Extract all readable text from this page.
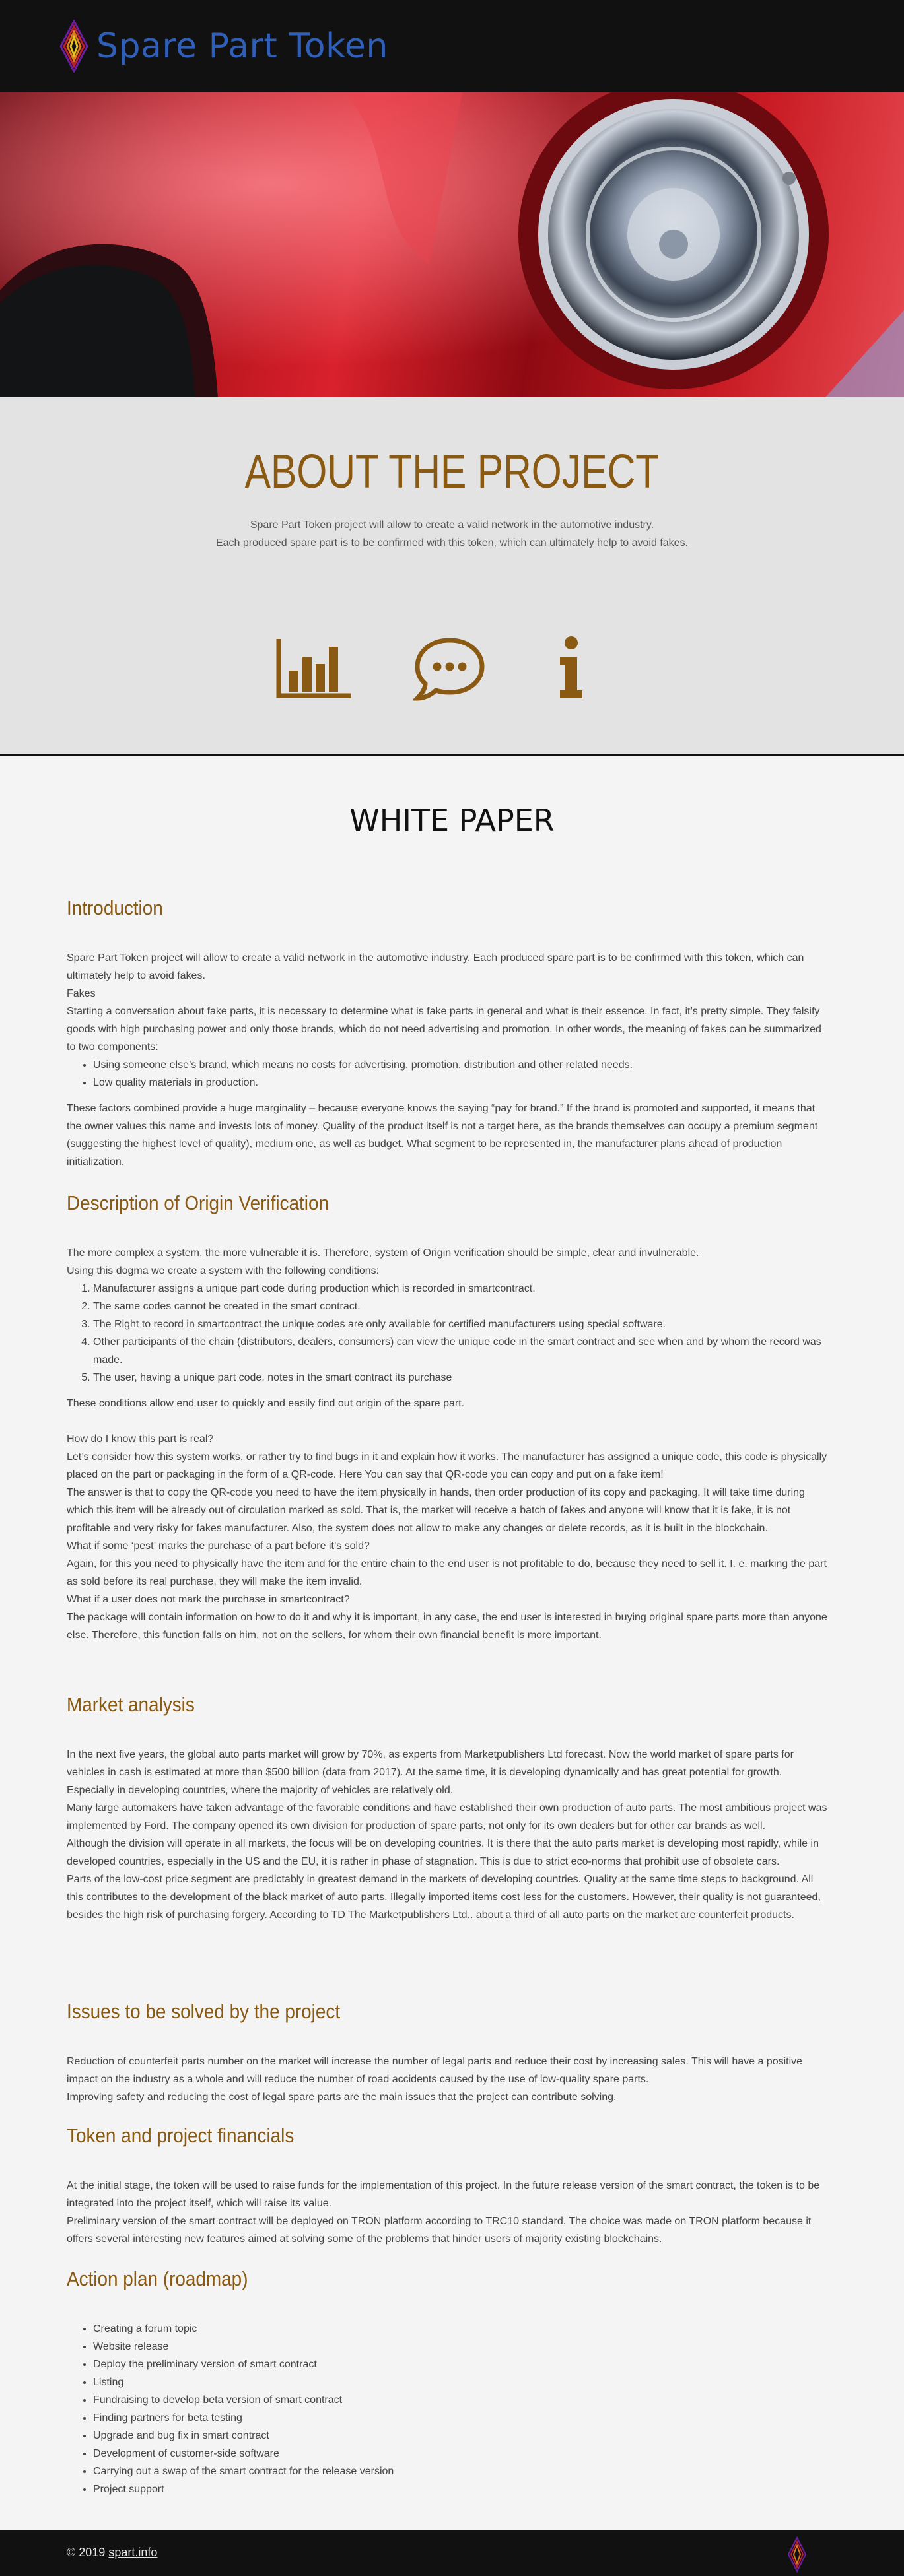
Spare Part Token
ABOUT THE PROJECT
Spare Part Token project will allow to create a valid network in the automotive industry.
Each produced spare part is to be confirmed with this token, which can ultimately help to avoid fakes.
WHITE PAPER
Introduction

Spare Part Token project will allow to create a valid network in the automotive industry. Each produced spare part is to be confirmed with this token, which can ultimately help to avoid fakes.

Fakes

Starting a conversation about fake parts, it is necessary to determine what is fake parts in general and what is their essence. In fact, it’s pretty simple. They falsify goods with high purchasing power and only those brands, which do not need advertising and promotion. In other words, the meaning of fakes can be summarized to two components:

• Using someone else’s brand, which means no costs for advertising, promotion, distribution and other related needs.
• Low quality materials in production.

These factors combined provide a huge marginality – because everyone knows the saying “pay for brand.” If the brand is promoted and supported, it means that the owner values this name and invests lots of money. Quality of the product itself is not a target here, as the brands themselves can occupy a premium segment (suggesting the highest level of quality), medium one, as well as budget. What segment to be represented in, the manufacturer plans ahead of production initialization.

Description of Origin Verification

The more complex a system, the more vulnerable it is. Therefore, system of Origin verification should be simple, clear and invulnerable.

Using this dogma we create a system with the following conditions:

1. Manufacturer assigns a unique part code during production which is recorded in smartcontract.
2. The same codes cannot be created in the smart contract.
3. The Right to record in smartcontract the unique codes are only available for certified manufacturers using special software.
4. Other participants of the chain (distributors, dealers, consumers) can view the unique code in the smart contract and see when and by whom the record was made.
5. The user, having a unique part code, notes in the smart contract its purchase

These conditions allow end user to quickly and easily find out origin of the spare part.

How do I know this part is real?

Let’s consider how this system works, or rather try to find bugs in it and explain how it works. The manufacturer has assigned a unique code, this code is physically placed on the part or packaging in the form of a QR-code. Here You can say that QR-code you can copy and put on a fake item!

The answer is that to copy the QR-code you need to have the item physically in hands, then order production of its copy and packaging. It will take time during which this item will be already out of circulation marked as sold. That is, the market will receive a batch of fakes and anyone will know that it is fake, it is not profitable and very risky for fakes manufacturer. Also, the system does not allow to make any changes or delete records, as it is built in the blockchain.

What if some ‘pest’ marks the purchase of a part before it’s sold?

Again, for this you need to physically have the item and for the entire chain to the end user is not profitable to do, because they need to sell it. I. e. marking the part as sold before its real purchase, they will make the item invalid.

What if a user does not mark the purchase in smartcontract?

The package will contain information on how to do it and why it is important, in any case, the end user is interested in buying original spare parts more than anyone else. Therefore, this function falls on him, not on the sellers, for whom their own financial benefit is more important.

Market analysis

In the next five years, the global auto parts market will grow by 70%, as experts from Marketpublishers Ltd forecast. Now the world market of spare parts for vehicles in cash is estimated at more than $500 billion (data from 2017). At the same time, it is developing dynamically and has great potential for growth. Especially in developing countries, where the majority of vehicles are relatively old.

Many large automakers have taken advantage of the favorable conditions and have established their own production of auto parts. The most ambitious project was implemented by Ford. The company opened its own division for production of spare parts, not only for its own dealers but for other car brands as well.

Although the division will operate in all markets, the focus will be on developing countries. It is there that the auto parts market is developing most rapidly, while in developed countries, especially in the US and the EU, it is rather in phase of stagnation. This is due to strict eco-norms that prohibit use of obsolete cars.

Parts of the low-cost price segment are predictably in greatest demand in the markets of developing countries. Quality at the same time steps to background. All this contributes to the development of the black market of auto parts. Illegally imported items cost less for the customers. However, their quality is not guaranteed, besides the high risk of purchasing forgery. According to TD The Marketpublishers Ltd.. about a third of all auto parts on the market are counterfeit products.

Issues to be solved by the project

Reduction of counterfeit parts number on the market will increase the number of legal parts and reduce their cost by increasing sales. This will have a positive impact on the industry as a whole and will reduce the number of road accidents caused by the use of low-quality spare parts.

Improving safety and reducing the cost of legal spare parts are the main issues that the project can contribute solving.

Token and project financials

At the initial stage, the token will be used to raise funds for the implementation of this project. In the future release version of the smart contract, the token is to be integrated into the project itself, which will raise its value.

Preliminary version of the smart contract will be deployed on TRON platform according to TRC10 standard. The choice was made on TRON platform because it offers several interesting new features aimed at solving some of the problems that hinder users of majority existing blockchains.

Action plan (roadmap)
• Creating a forum topic
• Website release
• Deploy the preliminary version of smart contract
• Listing
• Fundraising to develop beta version of smart contract
• Finding partners for beta testing
• Upgrade and bug fix in smart contract
• Development of customer-side software
• Carrying out a swap of the smart contract for the release version
• Project support
© 2019 spart.info
